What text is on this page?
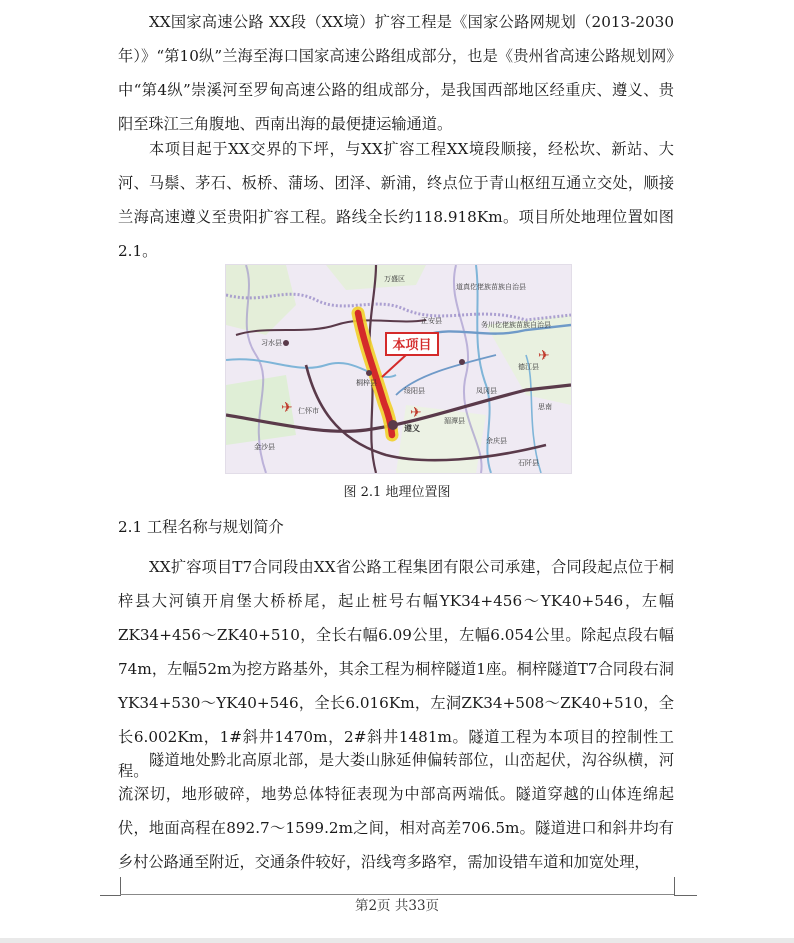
XX国家高速公路 XX段（XX境）扩容工程是《国家公路网规划（2013-2030年）》“第10纵”兰海至海口国家高速公路组成部分，也是《贵州省高速公路规划网》中“第4纵”崇溪河至罗甸高速公路的组成部分，是我国西部地区经重庆、遵义、贵阳至珠江三角腹地、西南出海的最便捷运输通道。

本项目起于XX交界的下坪，与XX扩容工程XX境段顺接，经松坎、新站、大河、马鬃、茅石、板桥、蒲场、团泽、新浦，终点位于青山枢纽互通立交处，顺接兰海高速遵义至贵阳扩容工程。路线全长约118.918Km。项目所处地理位置如图2.1。

本项目
✈	✈
✈
万盛区
习水县
桐梓县
遵义
绥阳县
湄潭县
凤冈县
德江县
道真仡佬族苗族自治县
务川仡佬族苗族自治县
仁怀市
正安县
余庆县
石阡县
思南
金沙县
图 2.1 地理位置图
2.1 工程名称与规划简介

XX扩容项目T7合同段由XX省公路工程集团有限公司承建，合同段起点位于桐梓县大河镇开肩堡大桥桥尾，起止桩号右幅YK34+456～YK40+546，左幅ZK34+456～ZK40+510，全长右幅6.09公里，左幅6.054公里。除起点段右幅74m，左幅52m为挖方路基外，其余工程为桐梓隧道1座。桐梓隧道T7合同段右洞YK34+530～YK40+546，全长6.016Km，左洞ZK34+508～ZK40+510，全长6.002Km，1#斜井1470m，2#斜井1481m。隧道工程为本项目的控制性工程。

隧道地处黔北高原北部，是大娄山脉延伸偏转部位，山峦起伏，沟谷纵横，河流深切，地形破碎，地势总体特征表现为中部高两端低。隧道穿越的山体连绵起伏，地面高程在892.7～1599.2m之间，相对高差706.5m。隧道进口和斜井均有乡村公路通至附近，交通条件较好，沿线弯多路窄，需加设错车道和加宽处理，

第2页 共33页
